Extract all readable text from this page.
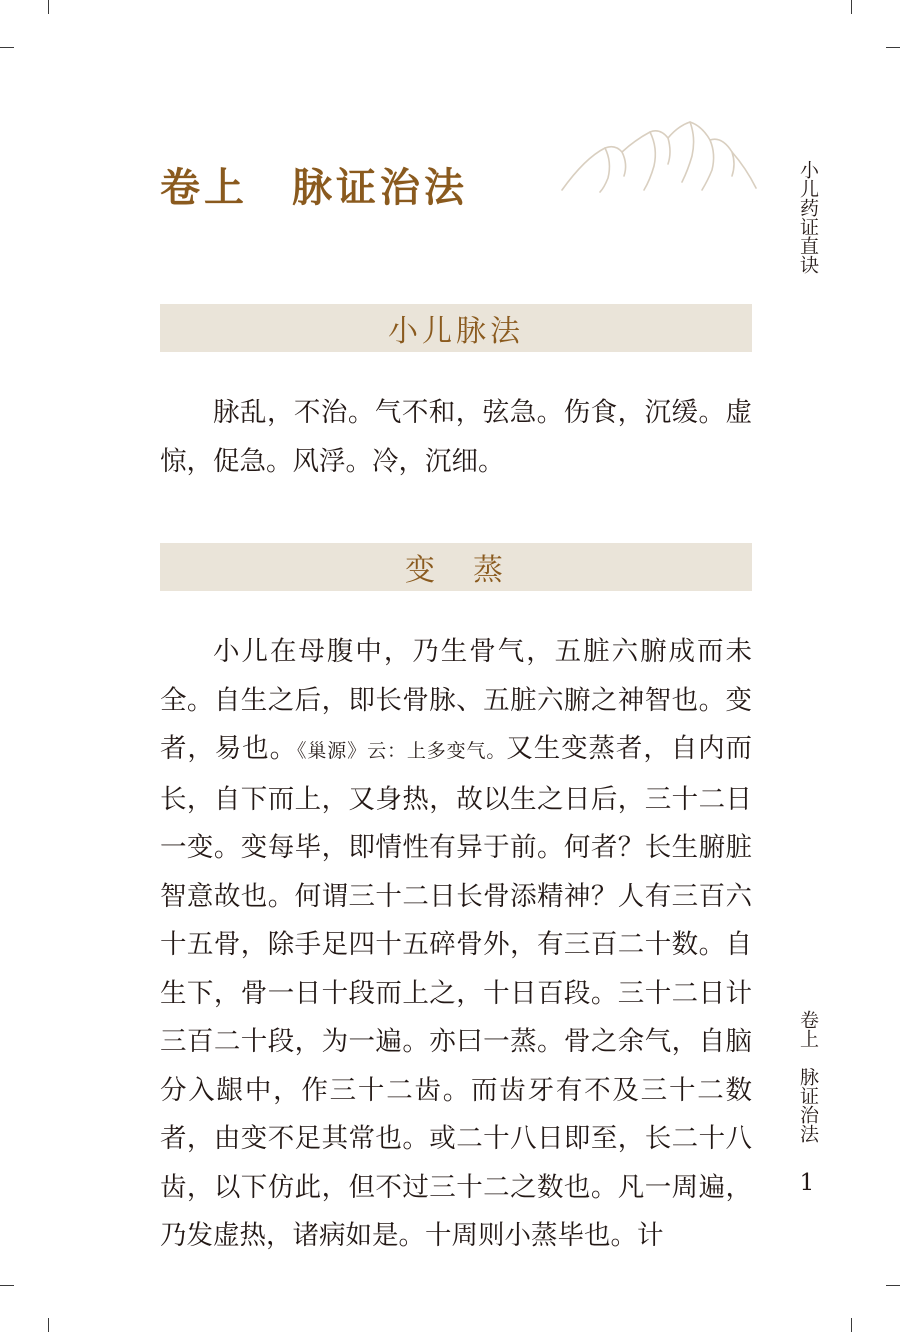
卷上　脉证治法	小儿药证直诀
卷上　脉证治法
1
小儿脉法

脉乱，不治。气不和，弦急。伤食，沉缓。虚惊，促急。风浮。冷，沉细。

变　蒸

小儿在母腹中，乃生骨气，五脏六腑成而未全。自生之后，即长骨脉、五脏六腑之神智也。变者，易也。《巢源》云：上多变气。又生变蒸者，自内而长，自下而上，又身热，故以生之日后，三十二日一变。变每毕，即情性有异于前。何者？长生腑脏智意故也。何谓三十二日长骨添精神？人有三百六十五骨，除手足四十五碎骨外，有三百二十数。自生下，骨一日十段而上之，十日百段。三十二日计三百二十段，为一遍。亦曰一蒸。骨之余气，自脑分入龈中，作三十二齿。而齿牙有不及三十二数者，由变不足其常也。或二十八日即至，长二十八齿，以下仿此，但不过三十二之数也。凡一周遍，乃发虚热，诸病如是。十周则小蒸毕也。计
